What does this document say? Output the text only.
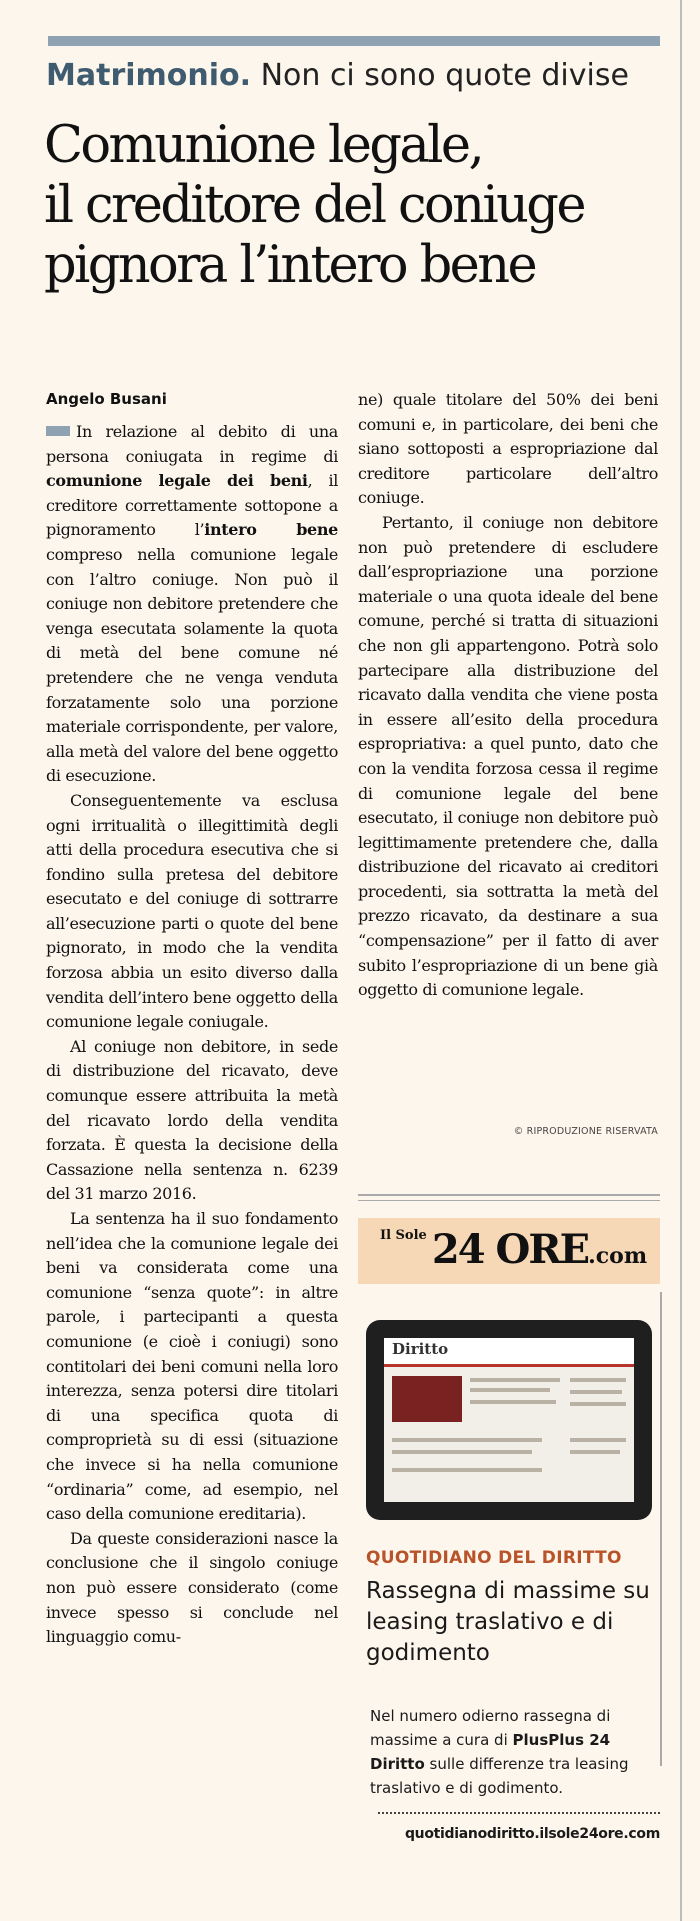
Matrimonio. Non ci sono quote divise
Comunione legale,
il creditore del coniuge
pignora l’intero bene
Angelo Busani

In relazione al debito di una persona coniugata in regime di comunione legale dei beni, il creditore correttamente sottopone a pignoramento l’intero bene compreso nella comunione legale con l’altro coniuge. Non può il coniuge non debitore pretendere che venga esecutata solamente la quota di metà del bene comune né pretendere che ne venga venduta forzatamente solo una porzione materiale corrispondente, per valore, alla metà del valore del bene oggetto di esecuzione.

Conseguentemente va esclusa ogni irritualità o illegittimità degli atti della procedura esecutiva che si fondino sulla pretesa del debitore esecutato e del coniuge di sottrarre all’esecuzione parti o quote del bene pignorato, in modo che la vendita forzosa abbia un esito diverso dalla vendita dell’intero bene oggetto della comunione legale coniugale.

Al coniuge non debitore, in sede di distribuzione del ricavato, deve comunque essere attribuita la metà del ricavato lordo della vendita forzata. È questa la decisione della Cassazione nella sentenza n. 6239 del 31 marzo 2016.

La sentenza ha il suo fondamento nell’idea che la comunione legale dei beni va considerata come una comunione “senza quote”: in altre parole, i partecipanti a questa comunione (e cioè i coniugi) sono contitolari dei beni comuni nella loro interezza, senza potersi dire titolari di una specifica quota di comproprietà su di essi (situazione che invece si ha nella comunione “ordinaria” come, ad esempio, nel caso della comunione ereditaria).

Da queste considerazioni nasce la conclusione che il singolo coniuge non può essere considerato (come invece spesso si conclude nel linguaggio comu-

ne) quale titolare del 50% dei beni comuni e, in particolare, dei beni che siano sottoposti a espropriazione dal creditore particolare dell’altro coniuge.

Pertanto, il coniuge non debitore non può pretendere di escludere dall’espropriazione una porzione materiale o una quota ideale del bene comune, perché si tratta di situazioni che non gli appartengono. Potrà solo partecipare alla distribuzione del ricavato dalla vendita che viene posta in essere all’esito della procedura espropriativa: a quel punto, dato che con la vendita forzosa cessa il regime di comunione legale del bene esecutato, il coniuge non debitore può legittimamente pretendere che, dalla distribuzione del ricavato ai creditori procedenti, sia sottratta la metà del prezzo ricavato, da destinare a sua “compensazione” per il fatto di aver subito l’espropriazione di un bene già oggetto di comunione legale.

© RIPRODUZIONE RISERVATA
$^{Il Sole}$ 24 ORE.com
Diritto
QUOTIDIANO DEL DIRITTO
Rassegna di massime su leasing traslativo e di godimento

Nel numero odierno rassegna di massime a cura di PlusPlus 24 Diritto sulle differenze tra leasing traslativo e di godimento.

quotidianodiritto.ilsole24ore.com
